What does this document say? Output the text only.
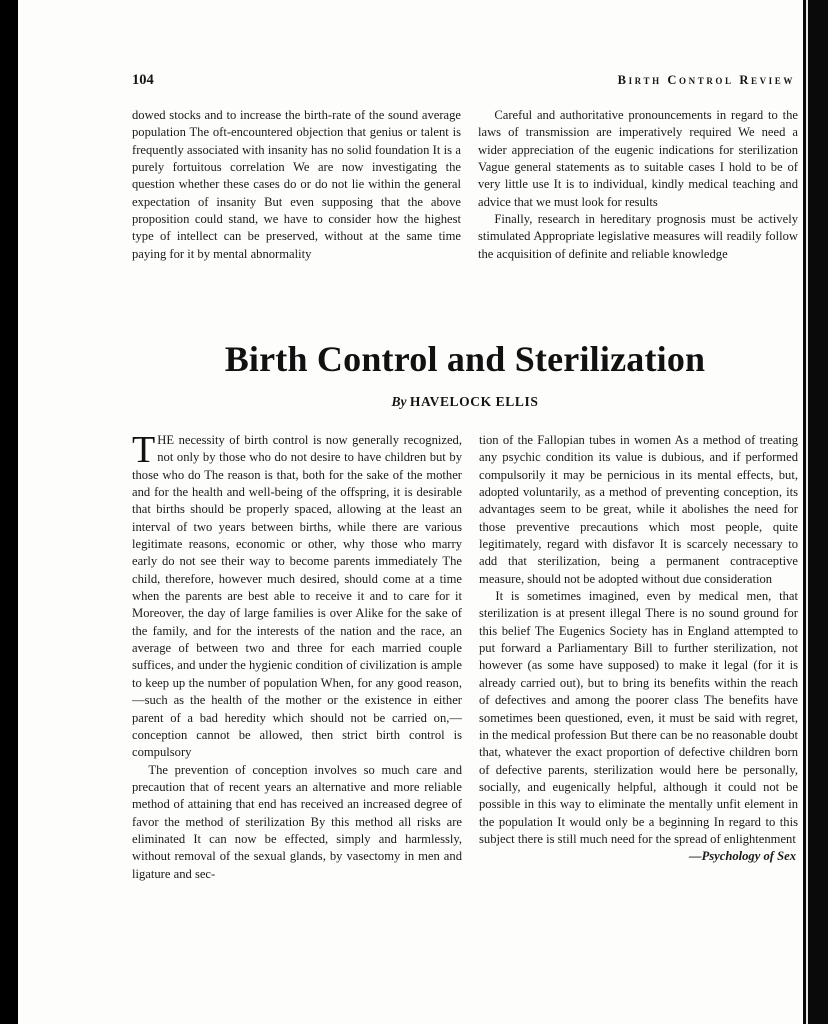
104	Birth Control Review

dowed stocks and to increase the birth-rate of the sound average population The oft-encountered objection that genius or talent is frequently associated with insanity has no solid foundation It is a purely fortuitous correlation We are now investigating the question whether these cases do or do not lie within the general expectation of insanity But even supposing that the above proposition could stand, we have to consider how the highest type of intellect can be preserved, without at the same time paying for it by mental abnormality

Careful and authoritative pronouncements in regard to the laws of transmission are imperatively required We need a wider appreciation of the eugenic indications for sterilization Vague general statements as to suitable cases I hold to be of very little use It is to individual, kindly medical teaching and advice that we must look for results

Finally, research in hereditary prognosis must be actively stimulated Appropriate legislative measures will readily follow the acquisition of definite and reliable knowledge

Birth Control and Sterilization
By HAVELOCK ELLIS

THE necessity of birth control is now generally recognized, not only by those who do not desire to have children but by those who do The reason is that, both for the sake of the mother and for the health and well-being of the offspring, it is desirable that births should be properly spaced, allowing at the least an interval of two years between births, while there are various legitimate reasons, economic or other, why those who marry early do not see their way to become parents immediately The child, therefore, however much desired, should come at a time when the parents are best able to receive it and to care for it Moreover, the day of large families is over Alike for the sake of the family, and for the interests of the nation and the race, an average of between two and three for each married couple suffices, and under the hygienic condition of civilization is ample to keep up the number of population When, for any good reason,—such as the health of the mother or the existence in either parent of a bad heredity which should not be carried on,—conception cannot be allowed, then strict birth control is compulsory

The prevention of conception involves so much care and precaution that of recent years an alternative and more reliable method of attaining that end has received an increased degree of favor the method of sterilization By this method all risks are eliminated It can now be effected, simply and harmlessly, without removal of the sexual glands, by vasectomy in men and ligature and sec-

tion of the Fallopian tubes in women As a method of treating any psychic condition its value is dubious, and if performed compulsorily it may be pernicious in its mental effects, but, adopted voluntarily, as a method of preventing conception, its advantages seem to be great, while it abolishes the need for those preventive precautions which most people, quite legitimately, regard with disfavor It is scarcely necessary to add that sterilization, being a permanent contraceptive measure, should not be adopted without due consideration

It is sometimes imagined, even by medical men, that sterilization is at present illegal There is no sound ground for this belief The Eugenics Society has in England attempted to put forward a Parliamentary Bill to further sterilization, not however (as some have supposed) to make it legal (for it is already carried out), but to bring its benefits within the reach of defectives and among the poorer class The benefits have sometimes been questioned, even, it must be said with regret, in the medical profession But there can be no reasonable doubt that, whatever the exact proportion of defective children born of defective parents, sterilization would here be personally, socially, and eugenically helpful, although it could not be possible in this way to eliminate the mentally unfit element in the population It would only be a beginning In regard to this subject there is still much need for the spread of enlightenment

—Psychology of Sex
